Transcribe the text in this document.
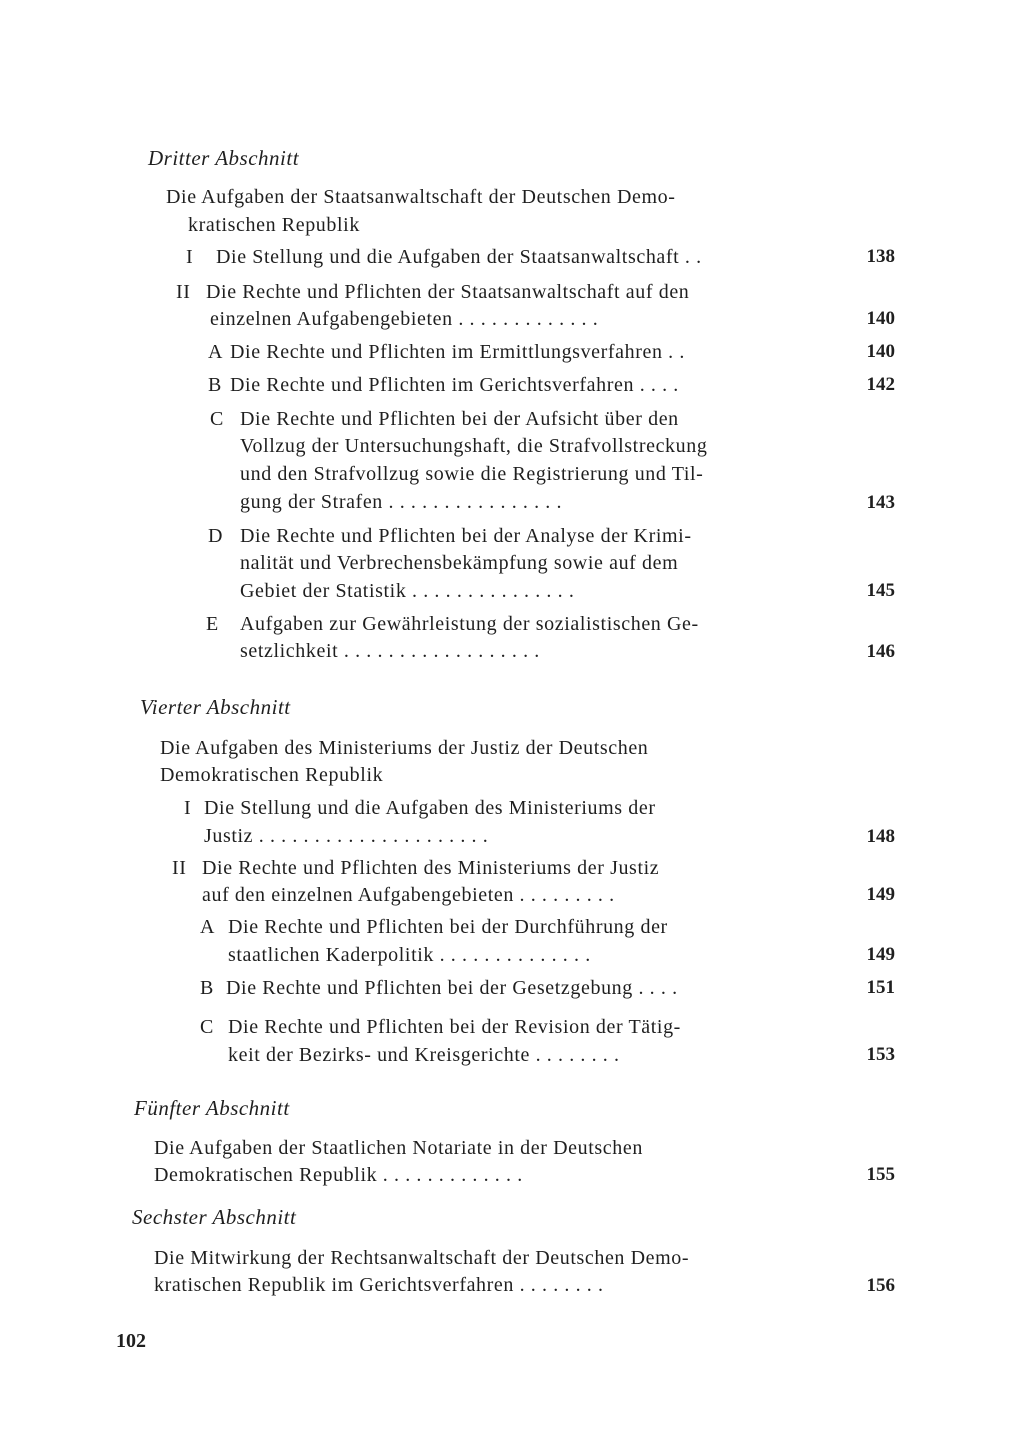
Dritter Abschnitt
Die Aufgaben der Staatsanwaltschaft der Deutschen Demo-
kratischen Republik
I Die Stellung und die Aufgaben der Staatsanwaltschaft . .	138
II Die Rechte und Pflichten der Staatsanwaltschaft auf den
einzelnen Aufgabengebieten . . . . . . . . . . . . .	140
A Die Rechte und Pflichten im Ermittlungsverfahren . .	140
B Die Rechte und Pflichten im Gerichtsverfahren . . . .	142
C Die Rechte und Pflichten bei der Aufsicht über den
Vollzug der Untersuchungshaft, die Strafvollstreckung
und den Strafvollzug sowie die Registrierung und Til-
gung der Strafen . . . . . . . . . . . . . . . .	143
D Die Rechte und Pflichten bei der Analyse der Krimi-
nalität und Verbrechensbekämpfung sowie auf dem
Gebiet der Statistik . . . . . . . . . . . . . . .	145
E Aufgaben zur Gewährleistung der sozialistischen Ge-
setzlichkeit . . . . . . . . . . . . . . . . . .	146
Vierter Abschnitt
Die Aufgaben des Ministeriums der Justiz der Deutschen
Demokratischen Republik
I Die Stellung und die Aufgaben des Ministeriums der
Justiz . . . . . . . . . . . . . . . . . . . . .	148
II Die Rechte und Pflichten des Ministeriums der Justiz
auf den einzelnen Aufgabengebieten . . . . . . . . .	149
A Die Rechte und Pflichten bei der Durchführung der
staatlichen Kaderpolitik . . . . . . . . . . . . . .	149
B Die Rechte und Pflichten bei der Gesetzgebung . . . .	151
C Die Rechte und Pflichten bei der Revision der Tätig-
keit der Bezirks- und Kreisgerichte . . . . . . . .	153
Fünfter Abschnitt
Die Aufgaben der Staatlichen Notariate in der Deutschen
Demokratischen Republik . . . . . . . . . . . . .	155
Sechster Abschnitt
Die Mitwirkung der Rechtsanwaltschaft der Deutschen Demo-
kratischen Republik im Gerichtsverfahren . . . . . . . .	156
102
